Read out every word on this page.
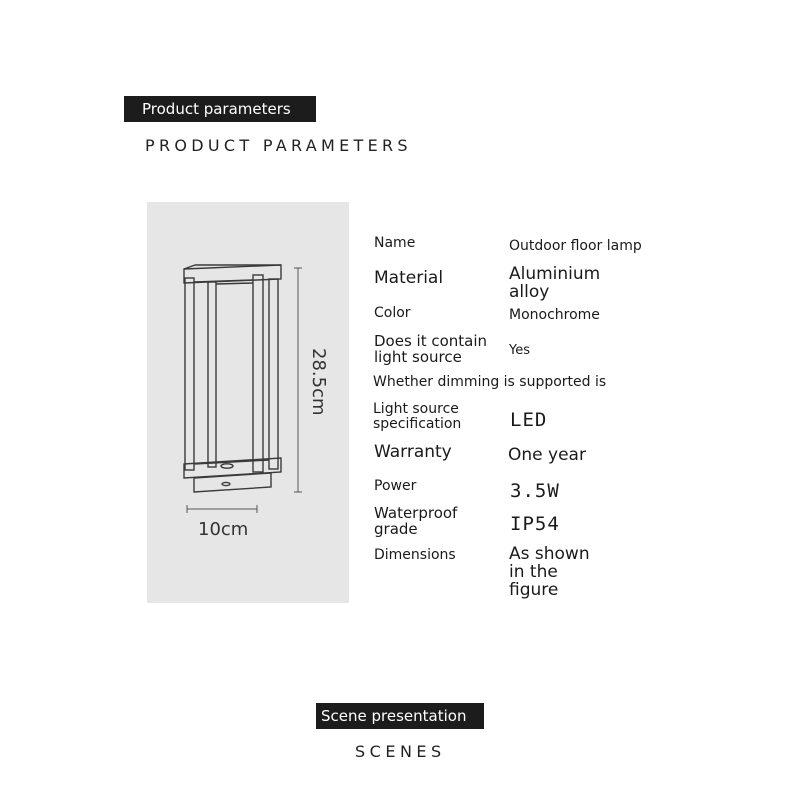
Product parameters
PRODUCT PARAMETERS
28.5cm
10cm
Name	Outdoor floor lamp
Material	Aluminium
alloy
Color	Monochrome
Does it contain
light source	Yes
Whether dimming is supported is
Light source
specification	LED
Warranty	One year
Power	3.5W
Waterproof
grade	IP54
Dimensions	As shown
in the
figure
Scene presentation
SCENES
